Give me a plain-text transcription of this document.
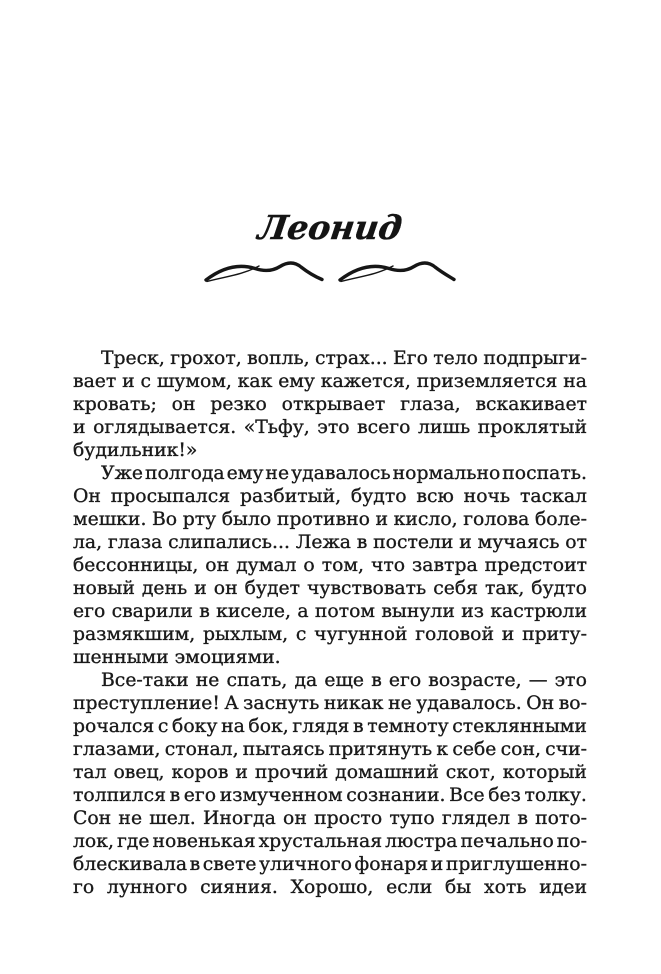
Леонид
Треск, грохот, вопль, страх... Его тело подпрыги-
вает и с шумом, как ему кажется, приземляется на
кровать; он резко открывает глаза, вскакивает
и оглядывается. «Тьфу, это всего лишь проклятый
будильник!»
Уже полгода ему не удавалось нормально поспать.
Он просыпался разбитый, будто всю ночь таскал
мешки. Во рту было противно и кисло, голова боле-
ла, глаза слипались... Лежа в постели и мучаясь от
бессонницы, он думал о том, что завтра предстоит
новый день и он будет чувствовать себя так, будто
его сварили в киселе, а потом вынули из кастрюли
размякшим, рыхлым, с чугунной головой и приту-
шенными эмоциями.
Все-таки не спать, да еще в его возрасте, — это
преступление! А заснуть никак не удавалось. Он во-
рочался с боку на бок, глядя в темноту стеклянными
глазами, стонал, пытаясь притянуть к себе сон, счи-
тал овец, коров и прочий домашний скот, который
толпился в его измученном сознании. Все без толку.
Сон не шел. Иногда он просто тупо глядел в пото-
лок, где новенькая хрустальная люстра печально по-
блескивала в свете уличного фонаря и приглушенно-
го лунного сияния. Хорошо, если бы хоть идеи
